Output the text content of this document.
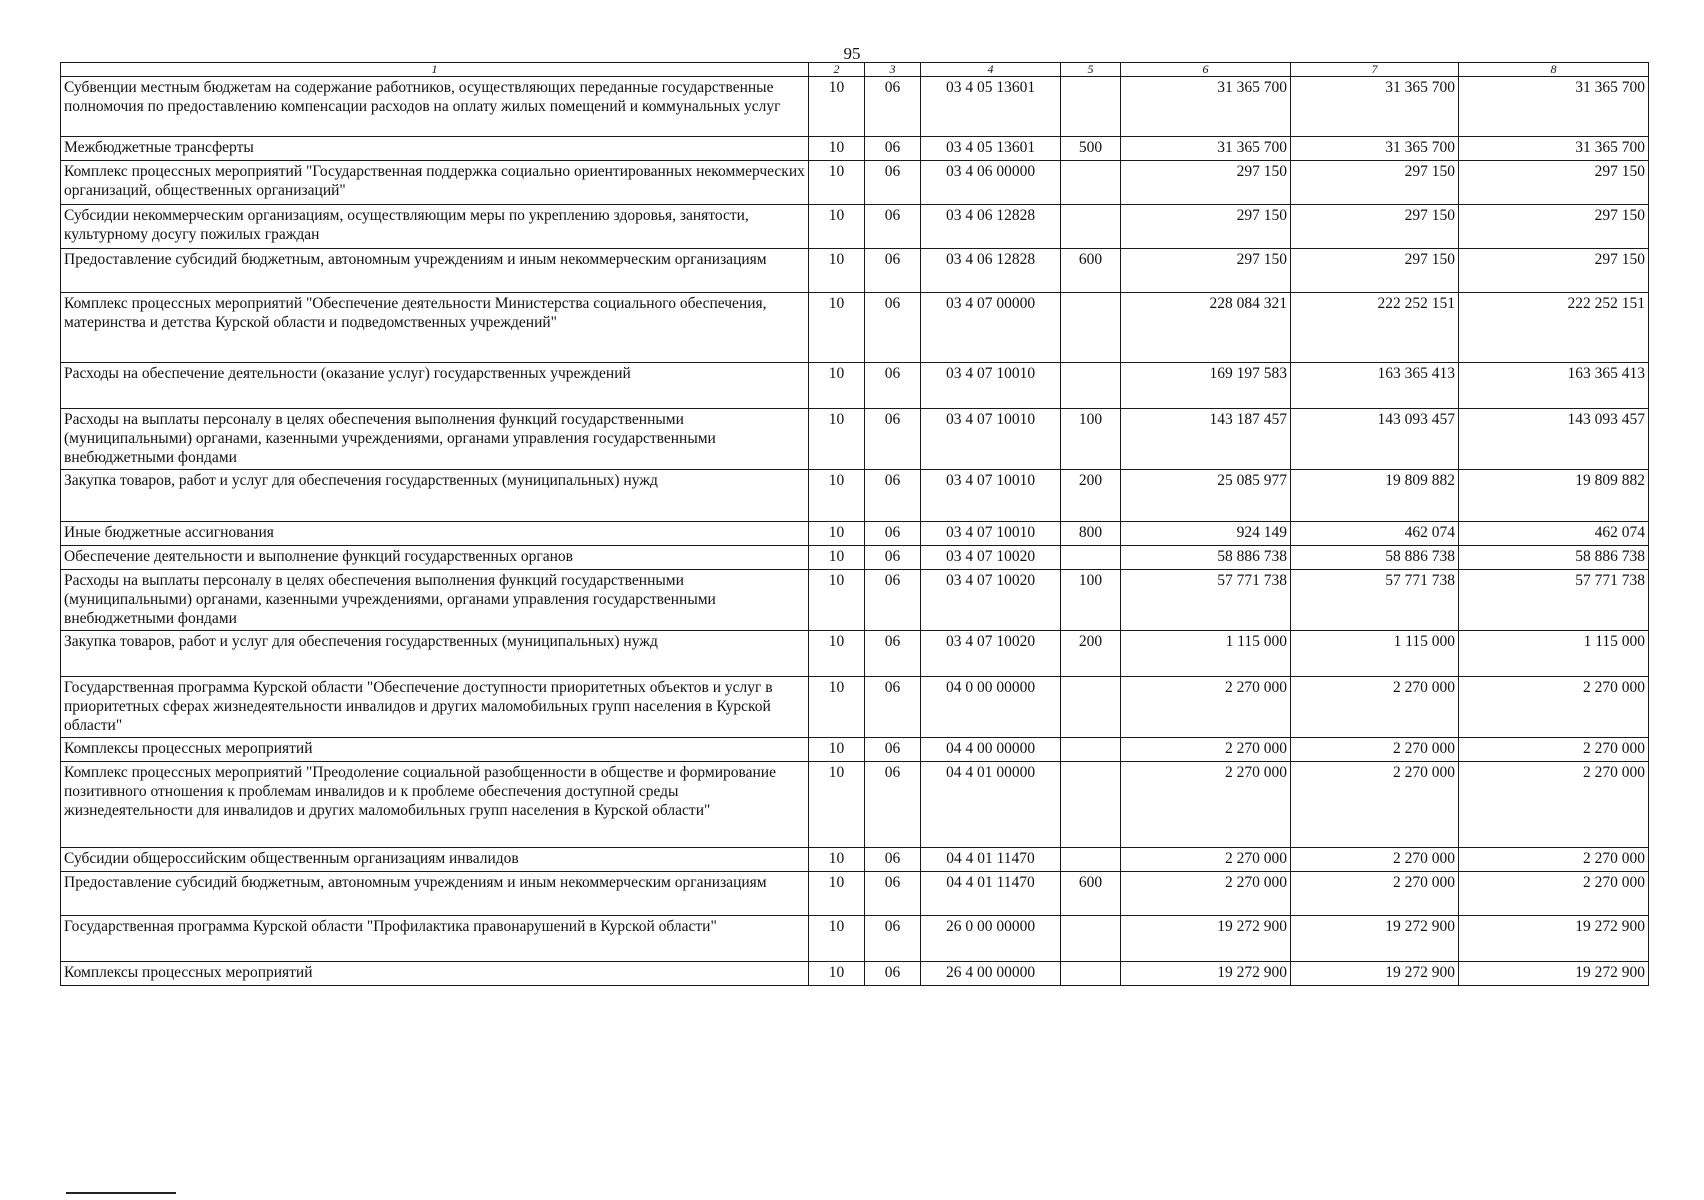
95
1	2	3	4	5	6	7	8
Субвенции местным бюджетам на содержание работников, осуществляющих переданные государственные полномочия по предоставлению компенсации расходов на оплату жилых помещений и коммунальных услуг	10	06	03 4 05 13601		31 365 700	31 365 700	31 365 700
Межбюджетные трансферты	10	06	03 4 05 13601	500	31 365 700	31 365 700	31 365 700
Комплекс процессных мероприятий "Государственная поддержка социально ориентированных некоммерческих организаций, общественных организаций"	10	06	03 4 06 00000		297 150	297 150	297 150
Субсидии некоммерческим организациям, осуществляющим меры по укреплению здоровья, занятости, культурному досугу пожилых граждан	10	06	03 4 06 12828		297 150	297 150	297 150
Предоставление субсидий бюджетным, автономным учреждениям и иным некоммерческим организациям	10	06	03 4 06 12828	600	297 150	297 150	297 150
Комплекс процессных мероприятий "Обеспечение деятельности Министерства социального обеспечения, материнства и детства Курской области и подведомственных учреждений"	10	06	03 4 07 00000		228 084 321	222 252 151	222 252 151
Расходы на обеспечение деятельности (оказание услуг) государственных учреждений	10	06	03 4 07 10010		169 197 583	163 365 413	163 365 413
Расходы на выплаты персоналу в целях обеспечения выполнения функций государственными (муниципальными) органами, казенными учреждениями, органами управления государственными внебюджетными фондами	10	06	03 4 07 10010	100	143 187 457	143 093 457	143 093 457
Закупка товаров, работ и услуг для обеспечения государственных (муниципальных) нужд	10	06	03 4 07 10010	200	25 085 977	19 809 882	19 809 882
Иные бюджетные ассигнования	10	06	03 4 07 10010	800	924 149	462 074	462 074
Обеспечение деятельности и выполнение функций государственных органов	10	06	03 4 07 10020		58 886 738	58 886 738	58 886 738
Расходы на выплаты персоналу в целях обеспечения выполнения функций государственными (муниципальными) органами, казенными учреждениями, органами управления государственными внебюджетными фондами	10	06	03 4 07 10020	100	57 771 738	57 771 738	57 771 738
Закупка товаров, работ и услуг для обеспечения государственных (муниципальных) нужд	10	06	03 4 07 10020	200	1 115 000	1 115 000	1 115 000
Государственная программа Курской области "Обеспечение доступности приоритетных объектов и услуг в приоритетных сферах жизнедеятельности инвалидов и других маломобильных групп населения в Курской области"	10	06	04 0 00 00000		2 270 000	2 270 000	2 270 000
Комплексы процессных мероприятий	10	06	04 4 00 00000		2 270 000	2 270 000	2 270 000
Комплекс процессных мероприятий "Преодоление социальной разобщенности в обществе и формирование позитивного отношения к проблемам инвалидов и к проблеме обеспечения доступной среды жизнедеятельности для инвалидов и других маломобильных групп населения в Курской области"	10	06	04 4 01 00000		2 270 000	2 270 000	2 270 000
Субсидии общероссийским общественным организациям инвалидов	10	06	04 4 01 11470		2 270 000	2 270 000	2 270 000
Предоставление субсидий бюджетным, автономным учреждениям и иным некоммерческим организациям	10	06	04 4 01 11470	600	2 270 000	2 270 000	2 270 000
Государственная программа Курской области "Профилактика правонарушений в Курской области"	10	06	26 0 00 00000		19 272 900	19 272 900	19 272 900
Комплексы процессных мероприятий	10	06	26 4 00 00000		19 272 900	19 272 900	19 272 900
